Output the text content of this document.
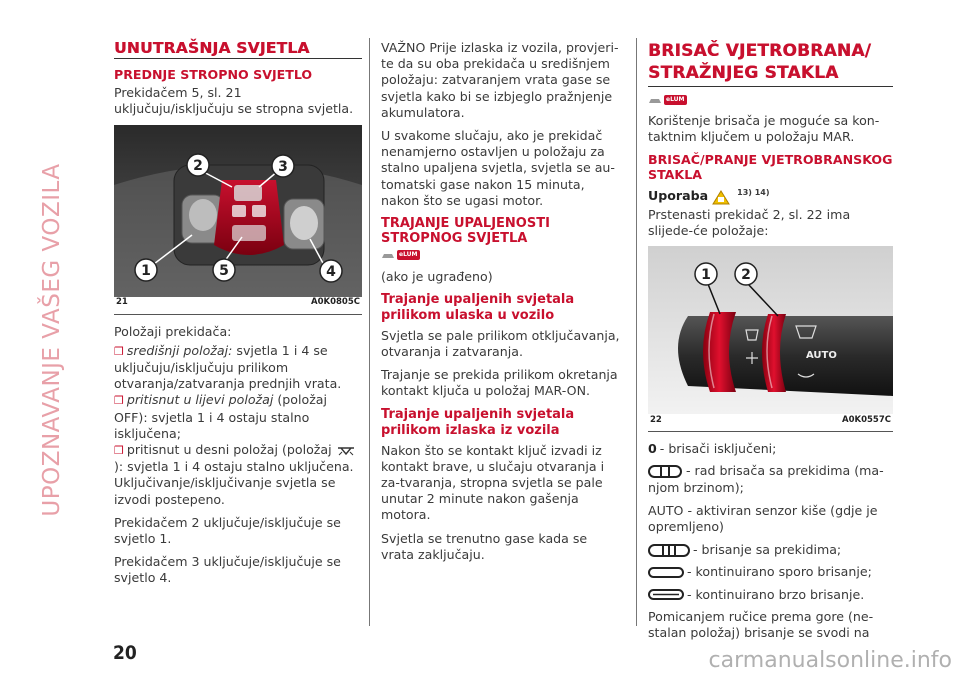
UPOZNAVANJE VAŠEG VOZILA
UNUTRAŠNJA SVJETLA
PREDNJE STROPNO SVJETLO

Prekidačem 5, sl. 21 uključuju/isključuju se stropna svjetla.

2	3
1	5	4
21	A0K0805C

Položaji prekidača:

❒ središnji položaj: svjetla 1 i 4 se uključuju/isključuju prilikom otvaranja/zatvaranja prednjih vrata.
❒ pritisnut u lijevi položaj (položaj OFF): svjetla 1 i 4 ostaju stalno isključena;

❒ pritisnut u desni položaj (položaj ): svjetla 1 i 4 ostaju stalno uključena. Uključivanje/isključivanje svjetla se izvodi postepeno.

Prekidačem 2 uključuje/isključuje se svjetlo 1.

Prekidačem 3 uključuje/isključuje se svjetlo 4.

VAŽNO Prije izlaska iz vozila, provjeri-te da su oba prekidača u središnjem položaju: zatvaranjem vrata gase se svjetla kako bi se izbjeglo pražnjenje akumulatora.

U svakome slučaju, ako je prekidač nenamjerno ostavljen u položaju za stalno upaljena svjetla, svjetla se au-tomatski gase nakon 15 minuta, nakon što se ugasi motor.

TRAJANJE UPALJENOSTI STROPNOG SVJETLA
eLUM

(ako je ugrađeno)

Trajanje upaljenih svjetala prilikom ulaska u vozilo

Svjetla se pale prilikom otključavanja, otvaranja i zatvaranja.

Trajanje se prekida prilikom okretanja kontakt ključa u položaj MAR-ON.

Trajanje upaljenih svjetala prilikom izlaska iz vozila

Nakon što se kontakt ključ izvadi iz kontakt brave, u slučaju otvaranja i za-tvaranja, stropna svjetla se pale unutar 2 minute nakon gašenja motora.

Svjetla se trenutno gase kada se vrata zaključaju.

BRISAČ VJETROBRANA/ STRAŽNJEG STAKLA
eLUM

Korištenje brisača je moguće sa kon-taktnim ključem u položaju MAR.

BRISAČ/PRANJE VJETROBRANSKOG STAKLA
Uporaba	$^{13) 14)}$

Prstenasti prekidač 2, sl. 22 ima slijede-će položaje:

AUTO
1 2
22	A0K0557C
0 - brisači isključeni;

- rad brisača sa prekidima (ma-njom brzinom);

AUTO - aktiviran senzor kiše (gdje je opremljeno)

- brisanje sa prekidima;
- kontinuirano sporo brisanje;
- kontinuirano brzo brisanje.

Pomicanjem ručice prema gore (ne-stalan položaj) brisanje se svodi na

20	carmanualsonline.info
